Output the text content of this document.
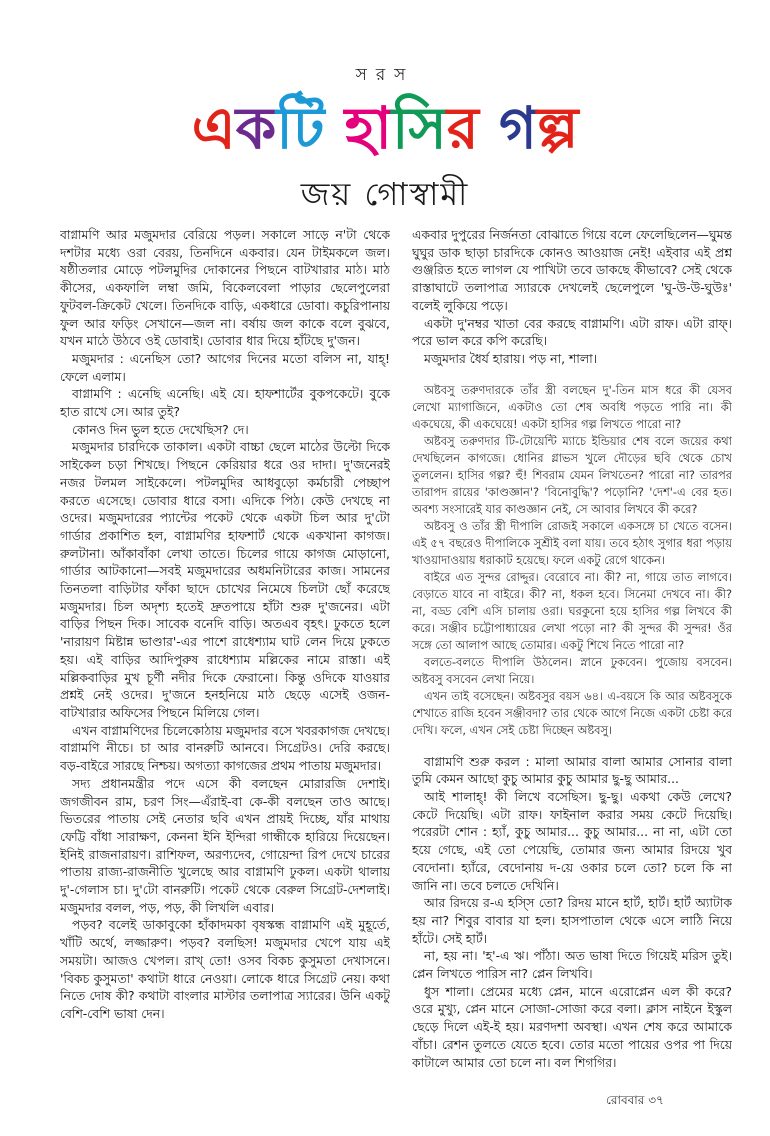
সরস
একটি হাসির গল্প
জয় গোস্বামী

বাগ্নামণি আর মজুমদার বেরিয়ে পড়ল। সকালে সাড়ে ন'টা থেকে দশটার মধ্যে ওরা বেরয়, তিনদিনে একবার। যেন টাইমকলে জল। ষষ্ঠীতলার মোড়ে পটলমুদির দোকানের পিছনে বাটখারার মাঠ। মাঠ কীসের, একফালি লম্বা জমি, বিকেলবেলা পাড়ার ছেলেপুলেরা ফুটবল-ক্রিকেট খেলে। তিনদিকে বাড়ি, একধারে ডোবা। কচুরিপানায় ফুল আর ফড়িং সেখানে—জল না। বর্ষায় জল কাকে বলে বুঝবে, যখন মাঠে উঠবে ওই ডোবাই। ডোবার ধার দিয়ে হাঁটছে দু'জন।

মজুমদার : এনেছিস তো? আগের দিনের মতো বলিস না, যাহ্‌! ফেলে এলাম।

বাগ্নামণি : এনেছি এনেছি। এই যে। হাফশার্টের বুকপকেটে। বুকে হাত রাখে সে। আর তুই?

কোনও দিন ভুল হতে দেখেছিস? দে।

মজুমদার চারদিকে তাকাল। একটা বাচ্চা ছেলে মাঠের উল্টো দিকে সাইকেল চড়া শিখছে। পিছনে কেরিয়ার ধরে ওর দাদা। দু'জনেরই নজর টলমল সাইকেলে। পটলমুদির আধবুড়ো কর্মচারী পেচ্ছাপ করতে এসেছে। ডোবার ধারে বসা। এদিকে পিঠ। কেউ দেখছে না ওদের। মজুমদারের প্যান্টের পকেট থেকে একটা চিল আর দু'টো গার্ডার প্রকাশিত হল, বাগ্নামণির হাফশার্ট থেকে একখানা কাগজ। রুলটানা। আঁকাবাঁকা লেখা তাতে। চিলের গায়ে কাগজ মোড়ানো, গার্ডার আটকানো—সবই মজুমদারের অধমনিটারের কাজ। সামনের তিনতলা বাড়িটার ফাঁকা ছাদে চোখের নিমেষে চিলটা ছোঁ করেছে মজুমদার। চিল অদৃশ্য হতেই দ্রুতপায়ে হাঁটা শুরু দু'জনের। এটা বাড়ির পিছন দিক। সাবেক বনেদি বাড়ি। অতএব বৃহৎ। ঢুকতে হলে 'নারায়ণ মিষ্টান্ন ভাণ্ডার'-এর পাশে রাধেশ্যাম ঘাট লেন দিয়ে ঢুকতে হয়। এই বাড়ির আদিপুরুষ রাধেশ্যাম মল্লিকের নামে রাস্তা। এই মল্লিকবাড়ির মুখ চূর্ণী নদীর দিকে ফেরানো। কিন্তু ওদিকে যাওয়ার প্রশ্নই নেই ওদের। দু'জনে হনহনিয়ে মাঠ ছেড়ে এসেই ওজন-বাটখারার অফিসের পিছনে মিলিয়ে গেল।

এখন বাগ্নামণিদের চিলেকোঠায় মজুমদার বসে খবরকাগজ দেখছে। বাগ্নামণি নীচে। চা আর বানরুটি আনবে। সিগ্রেটও। দেরি করছে। বড়-বাইরে সারছে নিশ্চয়। অগত্যা কাগজের প্রথম পাতায় মজুমদার।

সদ্য প্রধানমন্ত্রীর পদে এসে কী বলছেন মোরারজি দেশাই। জগজীবন রাম, চরণ সিং—এঁরাই-বা কে-কী বলছেন তাও আছে। ভিতরের পাতায় সেই নেতার ছবি এখন প্রায়ই দিচ্ছে, যাঁর মাথায় ফেট্টি বাঁধা সারাক্ষণ, কেননা ইনি ইন্দিরা গান্ধীকে হারিয়ে দিয়েছেন। ইনিই রাজনারায়ণ। রাশিফল, অরণ্যদেব, গোয়েন্দা রিপ দেখে চারের পাতায় রাজ্য-রাজনীতি খুলেছে আর বাগ্নামণি ঢুকল। একটা থালায় দু'-গেলাস চা। দু'টো বানরুটি। পকেট থেকে বেরুল সিগ্রেট-দেশলাই। মজুমদার বলল, পড়, পড়, কী লিখলি এবার।

পড়ব? বলেই ডাকাবুকো হাঁকাদমকা বৃষস্কন্ধ বাগ্নামণি এই মুহূর্তে, খাঁটি অর্থে, লজ্জারুণ। পড়ব? বলছিস! মজুমদার খেপে যায় এই সময়টা। আজও খেপল। রাখ্‌ তো! ওসব বিকচ কুসুমতা দেখাসনে। 'বিকচ কুসুমতা' কথাটা ধারে নেওয়া। লোকে ধারে সিগ্রেট নেয়। কথা নিতে দোষ কী? কথাটা বাংলার মাস্টার তলাপাত্র স্যারের। উনি একটু বেশি-বেশি ভাষা দেন।

একবার দুপুরের নির্জনতা বোঝাতে গিয়ে বলে ফেলেছিলেন—ঘুমন্ত ঘুঘুর ডাক ছাড়া চারদিকে কোনও আওয়াজ নেই! এইবার এই প্রশ্ন গুঞ্জরিত হতে লাগল যে পাখিটা তবে ডাকছে কীভাবে? সেই থেকে রাস্তাঘাটে তলাপাত্র স্যারকে দেখলেই ছেলেপুলে 'ঘু-উ-উ-ঘুউঃ' বলেই লুকিয়ে পড়ে।

একটা দু'নম্বর খাতা বের করছে বাগ্নামণি। এটা রাফ। এটা রাফ্‌। পরে ভাল করে কপি করেছি।

মজুমদার ধৈর্য হারায়। পড় না, শালা।

অষ্টবসু তরুণদারকে তাঁর স্ত্রী বলছেন দু'-তিন মাস ধরে কী যেসব লেখো ম্যাগাজিনে, একটাও তো শেষ অবধি পড়তে পারি না। কী একঘেয়ে, কী একঘেয়ে! একটা হাসির গল্প লিখতে পারো না?

অষ্টবসু তরুণদার টি-টোয়েন্টি ম্যাচে ইন্ডিয়ার শেষ বলে জয়ের কথা দেখছিলেন কাগজে। ধোনির গ্লাভস খুলে দৌড়ের ছবি থেকে চোখ তুললেন। হাসির গল্প? হুঁ! শিবরাম যেমন লিখতেন? পারো না? তারপর তারাপদ রায়ের 'কাণ্ডজ্ঞান'? 'বিনোবুদ্ধি'? পড়োনি? 'দেশ'-এ বের হত। অবশ্য সংসারেই যার কাণ্ডজ্ঞান নেই, সে আবার লিখবে কী করে?

অষ্টবসু ও তাঁর স্ত্রী দীপালি রোজই সকালে একসঙ্গে চা খেতে বসেন। এই ৫৭ বছরেও দীপালিকে সুশ্রীই বলা যায়। তবে হঠাৎ সুগার ধরা পড়ায় খাওয়াদাওয়ায় ধরাকাট হয়েছে। ফলে একটু রেগে থাকেন।

বাইরে এত সুন্দর রোদ্দুর। বেরোবে না। কী? না, গায়ে তাত লাগবে। বেড়াতে যাবে না বাইরে। কী? না, ধকল হবে। সিনেমা দেখবে না। কী? না, বড্ড বেশি এসি চালায় ওরা। ঘরকুনো হয়ে হাসির গল্প লিখবে কী করে। সঞ্জীব চট্টোপাধ্যায়ের লেখা পড়ো না? কী সুন্দর কী সুন্দর! ওঁর সঙ্গে তো আলাপ আছে তোমার। একটু শিখে নিতে পারো না?

বলতে-বলতে দীপালি উঠলেন। স্নানে ঢুকবেন। পুজোয় বসবেন। অষ্টবসু বসবেন লেখা নিয়ে।

এখন তাই বসেছেন। অষ্টবসুর বয়স ৬৪। এ-বয়সে কি আর অষ্টবসুকে শেখাতে রাজি হবেন সঞ্জীবদা? তার থেকে আগে নিজে একটা চেষ্টা করে দেখি। ফলে, এখন সেই চেষ্টা দিচ্ছেন অষ্টবসু।

বাগ্নামণি শুরু করল : মালা আমার বালা আমার সোনার বালা তুমি কেমন আছো কুচু আমার কুচু আমার ছু-ছু আমার...

আই শালাহ্‌! কী লিখে বসেছিস। ছু-ছু। একথা কেউ লেখে? কেটে দিয়েছি। এটা রাফ। ফাইনাল করার সময় কেটে দিয়েছি। পরেরটা শোন : হ্যাঁ, কুচু আমার... কুচু আমার... না না, এটা তো হয়ে গেছে, এই তো পেয়েছি, তোমার জন্য আমার রিদয়ে খুব বেদোনা। হ্যাঁরে, বেদোনায় দ-য়ে ওকার চলে তো? চলে কি না জানি না। তবে চলতে দেখিনি।

আর রিদয়ে র-এ হস্সি তো? রিদয় মানে হার্ট, হার্ট। হার্ট অ্যাটাক হয় না? শিবুর বাবার যা হল। হাসপাতাল থেকে এসে লাঠি নিয়ে হাঁটে। সেই হার্ট।

না, হয় না। 'হ'-এ ঋ। পাঁঠা। অত ভাষা দিতে গিয়েই মরিস তুই। প্লেন লিখতে পারিস না? প্লেন লিখবি।

ধুস শালা। প্রেমের মধ্যে প্লেন, মানে এরোপ্লেন এল কী করে? ওরে মুখ্যু, প্লেন মানে সোজা-সোজা করে বলা। ক্লাস নাইনে ইস্কুল ছেড়ে দিলে এই-ই হয়। মরণদশা অবস্থা। এখন শেষ করে আমাকে বাঁচা। রেশন তুলতে যেতে হবে। তোর মতো পায়ের ওপর পা দিয়ে কাটালে আমার তো চলে না। বল শিগগির।

রোববার ৩৭
